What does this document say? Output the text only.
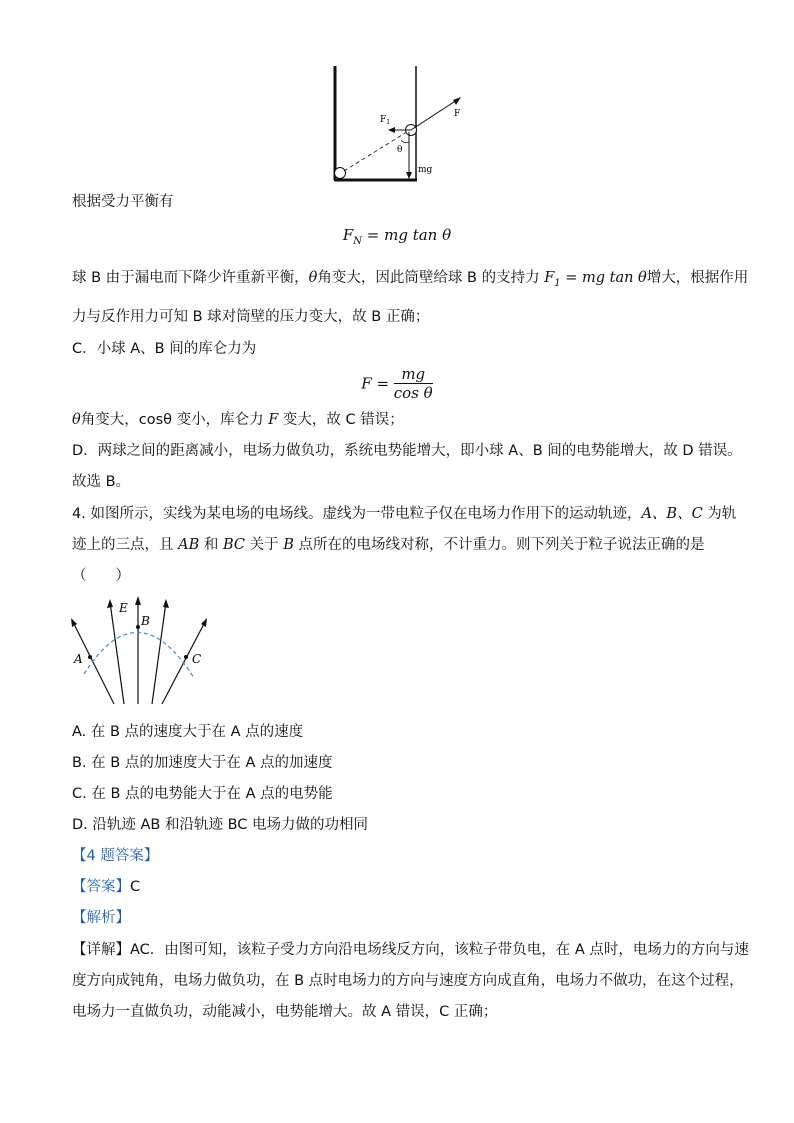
$F_1$
F
θ
mg
根据受力平衡有
$F_N$ = mg tan θ
球 B 由于漏电而下降少许重新平衡，θ角变大，因此筒壁给球 B 的支持力 $F_1$ = mg tan θ增大，根据作用
力与反作用力可知 B 球对筒壁的压力变大，故 B 正确；
C．小球 A、B 间的库仑力为
$F = \frac{mg}{\text{cos θ}}$
θ角变大，cosθ 变小，库仑力 F 变大，故 C 错误；
D．两球之间的距离减小，电场力做负功，系统电势能增大，即小球 A、B 间的电势能增大，故 D 错误。
故选 B。
4. 如图所示，实线为某电场的电场线。虚线为一带电粒子仅在电场力作用下的运动轨迹，A、B、C 为轨
迹上的三点，且 AB 和 BC 关于 B 点所在的电场线对称，不计重力。则下列关于粒子说法正确的是
（　　）
E
B
A	C
A. 在 B 点的速度大于在 A 点的速度
B. 在 B 点的加速度大于在 A 点的加速度
C. 在 B 点的电势能大于在 A 点的电势能
D. 沿轨迹 AB 和沿轨迹 BC 电场力做的功相同
【4 题答案】
【答案】C
【解析】
【详解】AC．由图可知，该粒子受力方向沿电场线反方向，该粒子带负电，在 A 点时，电场力的方向与速
度方向成钝角，电场力做负功，在 B 点时电场力的方向与速度方向成直角，电场力不做功，在这个过程，
电场力一直做负功，动能减小，电势能增大。故 A 错误，C 正确；
